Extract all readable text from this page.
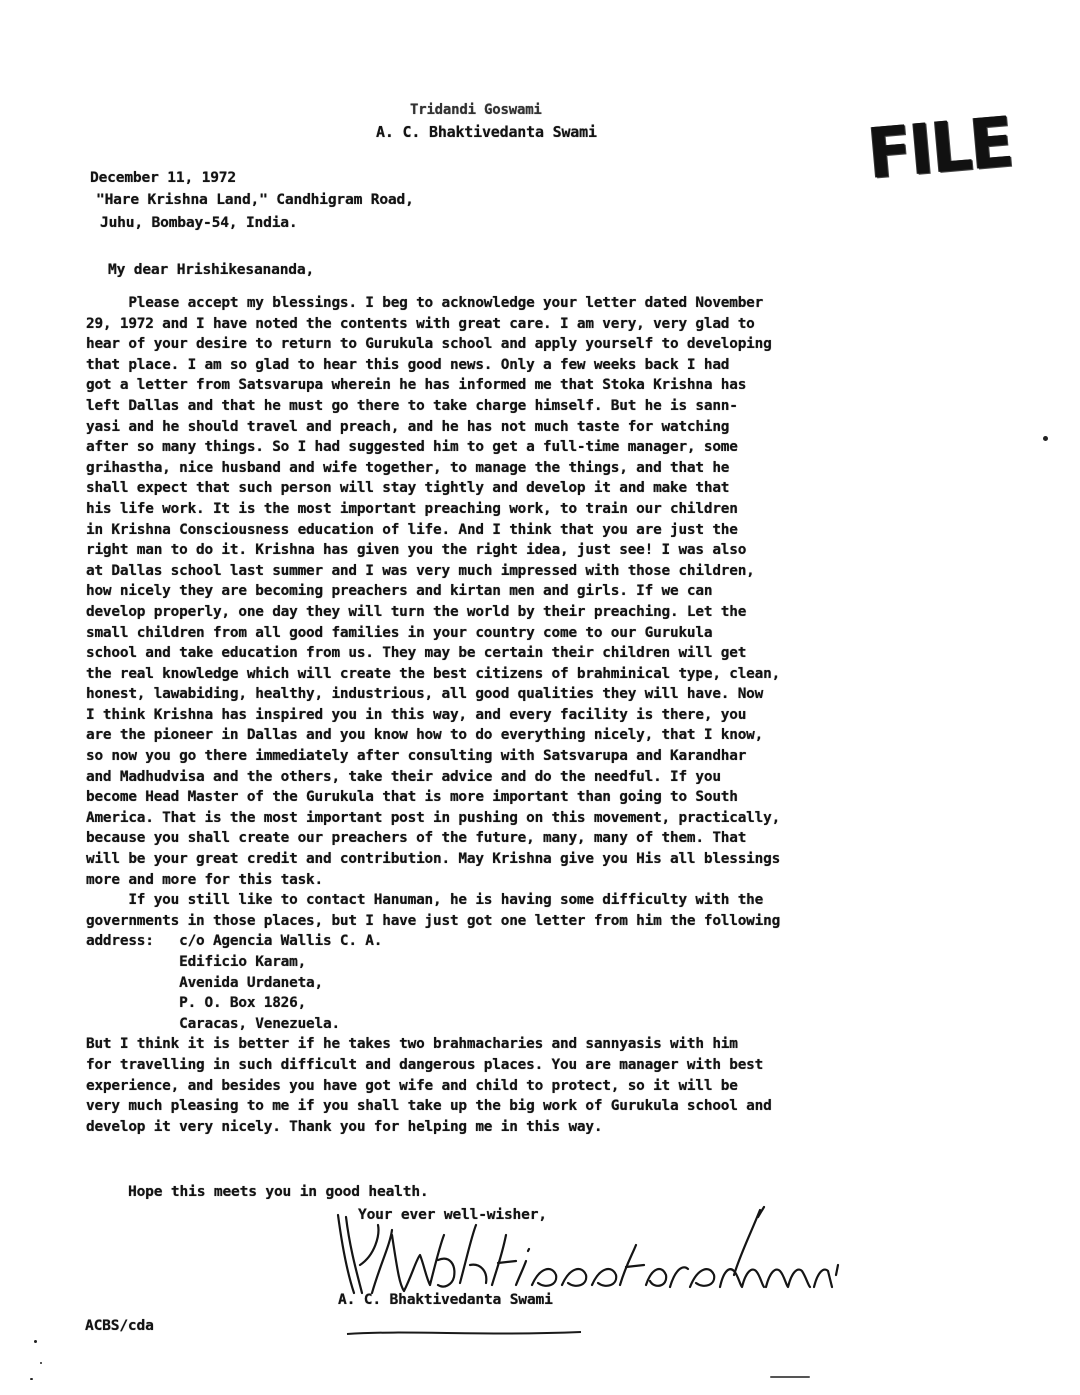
Tridandi Goswami
A. C. Bhaktivedanta Swami	FILE
December 11, 1972
"Hare Krishna Land," Candhigram Road,
Juhu, Bombay-54, India.
My dear Hrishikesananda,
Please accept my blessings. I beg to acknowledge your letter dated November
29, 1972 and I have noted the contents with great care. I am very, very glad to
hear of your desire to return to Gurukula school and apply yourself to developing
that place. I am so glad to hear this good news. Only a few weeks back I had
got a letter from Satsvarupa wherein he has informed me that Stoka Krishna has
left Dallas and that he must go there to take charge himself. But he is sann-
yasi and he should travel and preach, and he has not much taste for watching
after so many things. So I had suggested him to get a full-time manager, some
grihastha, nice husband and wife together, to manage the things, and that he
shall expect that such person will stay tightly and develop it and make that
his life work. It is the most important preaching work, to train our children
in Krishna Consciousness education of life. And I think that you are just the
right man to do it. Krishna has given you the right idea, just see! I was also
at Dallas school last summer and I was very much impressed with those children,
how nicely they are becoming preachers and kirtan men and girls. If we can
develop properly, one day they will turn the world by their preaching. Let the
small children from all good families in your country come to our Gurukula
school and take education from us. They may be certain their children will get
the real knowledge which will create the best citizens of brahminical type, clean,
honest, lawabiding, healthy, industrious, all good qualities they will have. Now
I think Krishna has inspired you in this way, and every facility is there, you
are the pioneer in Dallas and you know how to do everything nicely, that I know,
so now you go there immediately after consulting with Satsvarupa and Karandhar
and Madhudvisa and the others, take their advice and do the needful. If you
become Head Master of the Gurukula that is more important than going to South
America. That is the most important post in pushing on this movement, practically,
because you shall create our preachers of the future, many, many of them. That
will be your great credit and contribution. May Krishna give you His all blessings
more and more for this task.
If you still like to contact Hanuman, he is having some difficulty with the
governments in those places, but I have just got one letter from him the following
address:   c/o Agencia Wallis C. A.
Edificio Karam,
Avenida Urdaneta,
P. O. Box 1826,
Caracas, Venezuela.
But I think it is better if he takes two brahmacharies and sannyasis with him
for travelling in such difficult and dangerous places. You are manager with best
experience, and besides you have got wife and child to protect, so it will be
very much pleasing to me if you shall take up the big work of Gurukula school and
develop it very nicely. Thank you for helping me in this way.
Hope this meets you in good health.
Your ever well-wisher,
A. C. Bhaktivedanta Swami
ACBS/cda
